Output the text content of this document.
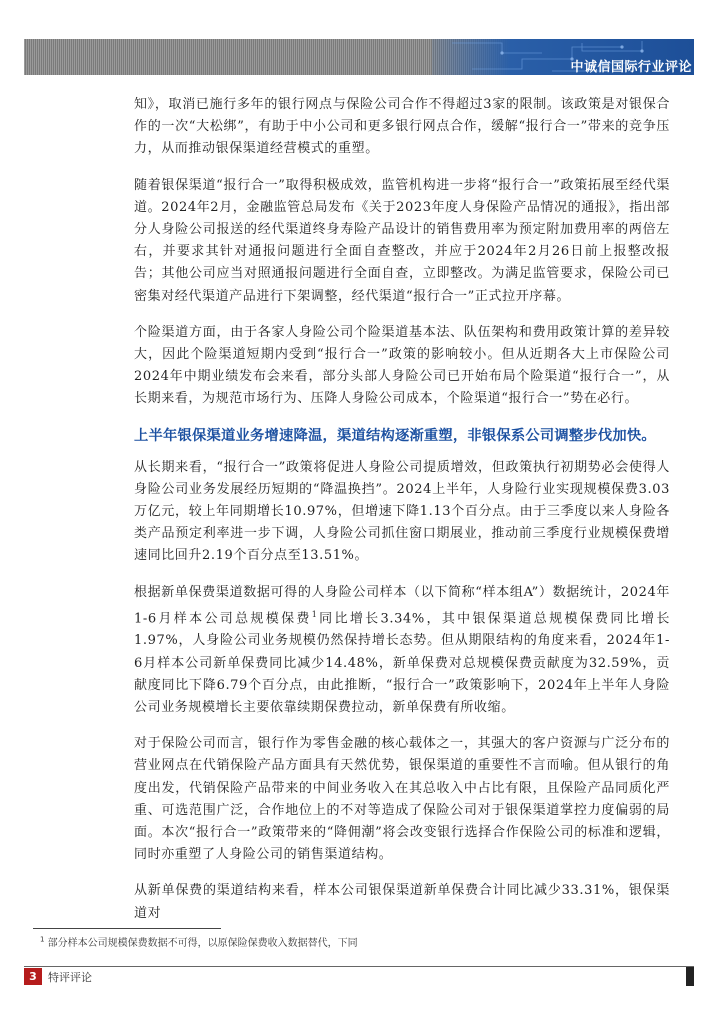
中诚信国际行业评论

知》，取消已施行多年的银行网点与保险公司合作不得超过3家的限制。该政策是对银保合作的一次“大松绑”，有助于中小公司和更多银行网点合作，缓解“报行合一”带来的竞争压力，从而推动银保渠道经营模式的重塑。

随着银保渠道“报行合一”取得积极成效，监管机构进一步将“报行合一”政策拓展至经代渠道。2024年2月，金融监管总局发布《关于2023年度人身保险产品情况的通报》，指出部分人身险公司报送的经代渠道终身寿险产品设计的销售费用率为预定附加费用率的两倍左右，并要求其针对通报问题进行全面自查整改，并应于2024年2月26日前上报整改报告；其他公司应当对照通报问题进行全面自查，立即整改。为满足监管要求，保险公司已密集对经代渠道产品进行下架调整，经代渠道“报行合一”正式拉开序幕。

个险渠道方面，由于各家人身险公司个险渠道基本法、队伍架构和费用政策计算的差异较大，因此个险渠道短期内受到“报行合一”政策的影响较小。但从近期各大上市保险公司2024年中期业绩发布会来看，部分头部人身险公司已开始布局个险渠道“报行合一”，从长期来看，为规范市场行为、压降人身险公司成本，个险渠道“报行合一”势在必行。

上半年银保渠道业务增速降温，渠道结构逐渐重塑，非银保系公司调整步伐加快。

从长期来看，“报行合一”政策将促进人身险公司提质增效，但政策执行初期势必会使得人身险公司业务发展经历短期的“降温换挡”。2024上半年，人身险行业实现规模保费3.03万亿元，较上年同期增长10.97%，但增速下降1.13个百分点。由于三季度以来人身险各类产品预定利率进一步下调，人身险公司抓住窗口期展业，推动前三季度行业规模保费增速同比回升2.19个百分点至13.51%。

根据新单保费渠道数据可得的人身险公司样本（以下简称“样本组A”）数据统计，2024年1-6月样本公司总规模保费$^1$同比增长3.34%，其中银保渠道总规模保费同比增长1.97%，人身险公司业务规模仍然保持增长态势。但从期限结构的角度来看，2024年1-6月样本公司新单保费同比减少14.48%，新单保费对总规模保费贡献度为32.59%，贡献度同比下降6.79个百分点，由此推断，“报行合一”政策影响下，2024年上半年人身险公司业务规模增长主要依靠续期保费拉动，新单保费有所收缩。

对于保险公司而言，银行作为零售金融的核心载体之一，其强大的客户资源与广泛分布的营业网点在代销保险产品方面具有天然优势，银保渠道的重要性不言而喻。但从银行的角度出发，代销保险产品带来的中间业务收入在其总收入中占比有限，且保险产品同质化严重、可选范围广泛，合作地位上的不对等造成了保险公司对于银保渠道掌控力度偏弱的局面。本次“报行合一”政策带来的“降佣潮”将会改变银行选择合作保险公司的标准和逻辑，同时亦重塑了人身险公司的销售渠道结构。

从新单保费的渠道结构来看，样本公司银保渠道新单保费合计同比减少33.31%，银保渠道对

$^1$ 部分样本公司规模保费数据不可得，以原保险保费收入数据替代，下同
3	特评评论
